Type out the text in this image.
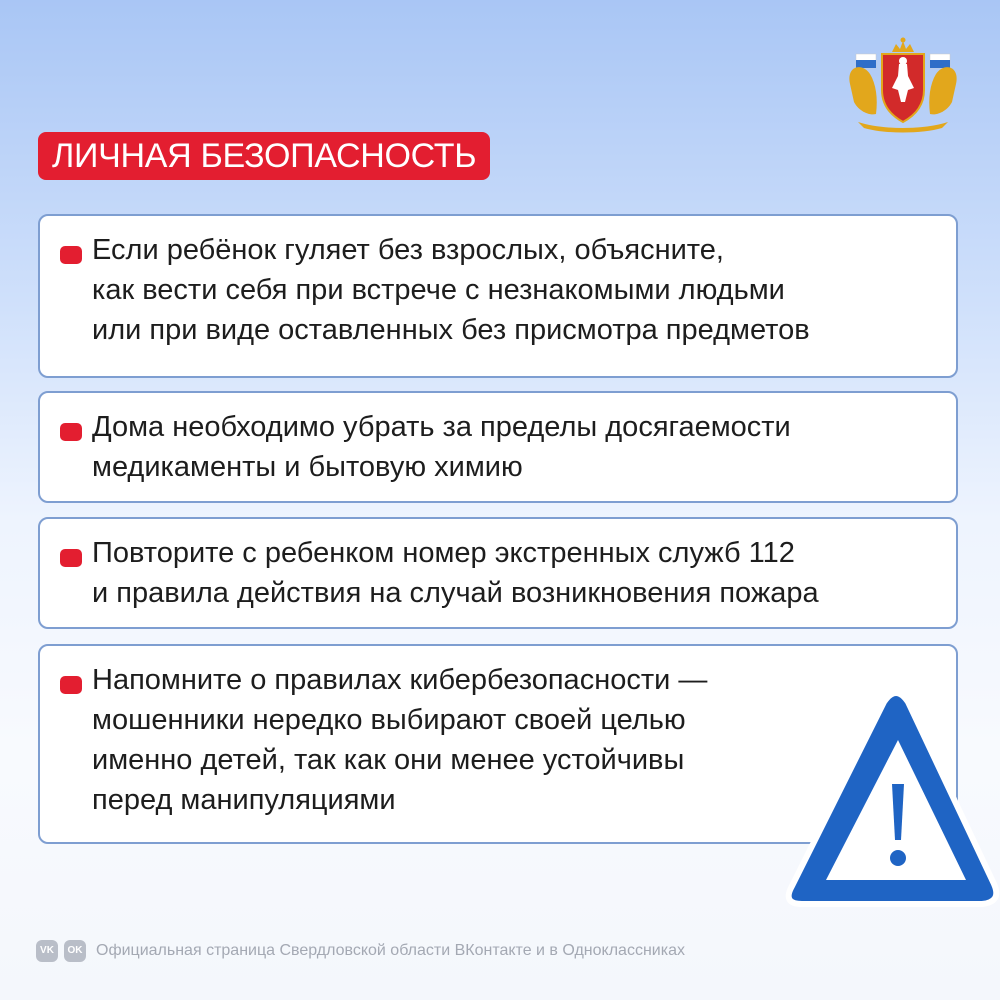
ЛИЧНАЯ БЕЗОПАСНОСТЬ

Если ребёнок гуляет без взрослых, объясните,
как вести себя при встрече с незнакомыми людьми
или при виде оставленных без присмотра предметов

Дома необходимо убрать за пределы досягаемости
медикаменты и бытовую химию

Повторите с ребенком номер экстренных служб 112
и правила действия на случай возникновения пожара

Напомните о правилах кибербезопасности —
мошенники нередко выбирают своей целью
именно детей, так как они менее устойчивы
перед манипуляциями

VK	OK Официальная страница Свердловской области ВКонтакте и в Одноклассниках
